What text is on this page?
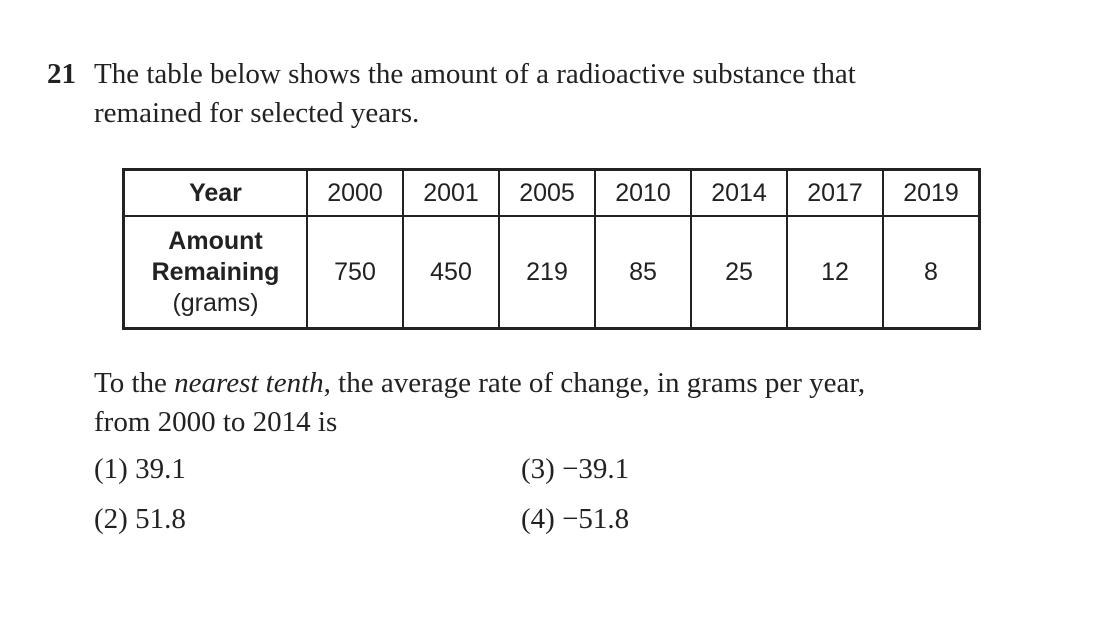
21 The table below shows the amount of a radioactive substance that
remained for selected years.
Year	2000	2001	2005	2010	2014	2017	2019

Amount
Remaining
(grams)	750	450	219	85	25	12	8
To the nearest tenth, the average rate of change, in grams per year,
from 2000 to 2014 is
(1) 39.1
(2) 51.8
(3) −39.1
(4) −51.8
